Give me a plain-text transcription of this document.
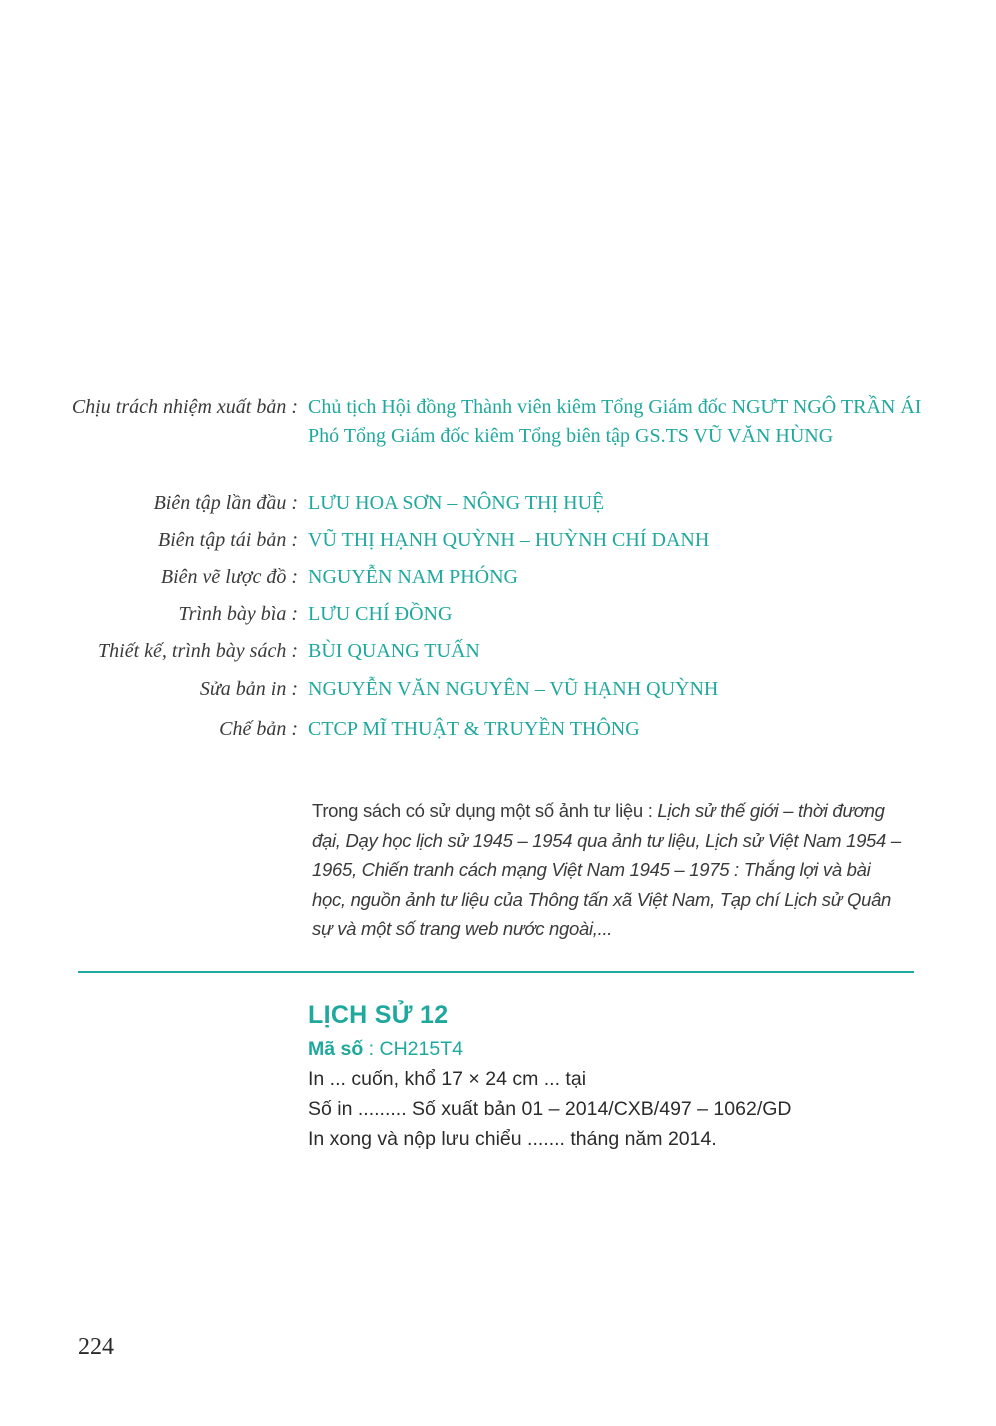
Chịu trách nhiệm xuất bản : Chủ tịch Hội đồng Thành viên kiêm Tổng Giám đốc NGƯT NGÔ TRẦN ÁI
Phó Tổng Giám đốc kiêm Tổng biên tập GS.TS VŨ VĂN HÙNG
Biên tập lần đầu : LƯU HOA SƠN – NÔNG THỊ HUỆ
Biên tập tái bản : VŨ THỊ HẠNH QUỲNH – HUỲNH CHÍ DANH
Biên vẽ lược đồ : NGUYỄN NAM PHÓNG
Trình bày bìa : LƯU CHÍ ĐỒNG
Thiết kế, trình bày sách : BÙI QUANG TUẤN
Sửa bản in : NGUYỄN VĂN NGUYÊN – VŨ HẠNH QUỲNH
Chế bản : CTCP MĨ THUẬT & TRUYỀN THÔNG
Trong sách có sử dụng một số ảnh tư liệu : Lịch sử thế giới – thời đương đại, Dạy học lịch sử 1945 – 1954 qua ảnh tư liệu, Lịch sử Việt Nam 1954 – 1965, Chiến tranh cách mạng Việt Nam 1945 – 1975 : Thắng lợi và bài học, nguồn ảnh tư liệu của Thông tấn xã Việt Nam, Tạp chí Lịch sử Quân sự và một số trang web nước ngoài,...
LỊCH SỬ 12
Mã số : CH215T4
In ... cuốn, khổ 17 × 24 cm ... tại
Số in ......... Số xuất bản 01 – 2014/CXB/497 – 1062/GD
In xong và nộp lưu chiểu ....... tháng năm 2014.
224
